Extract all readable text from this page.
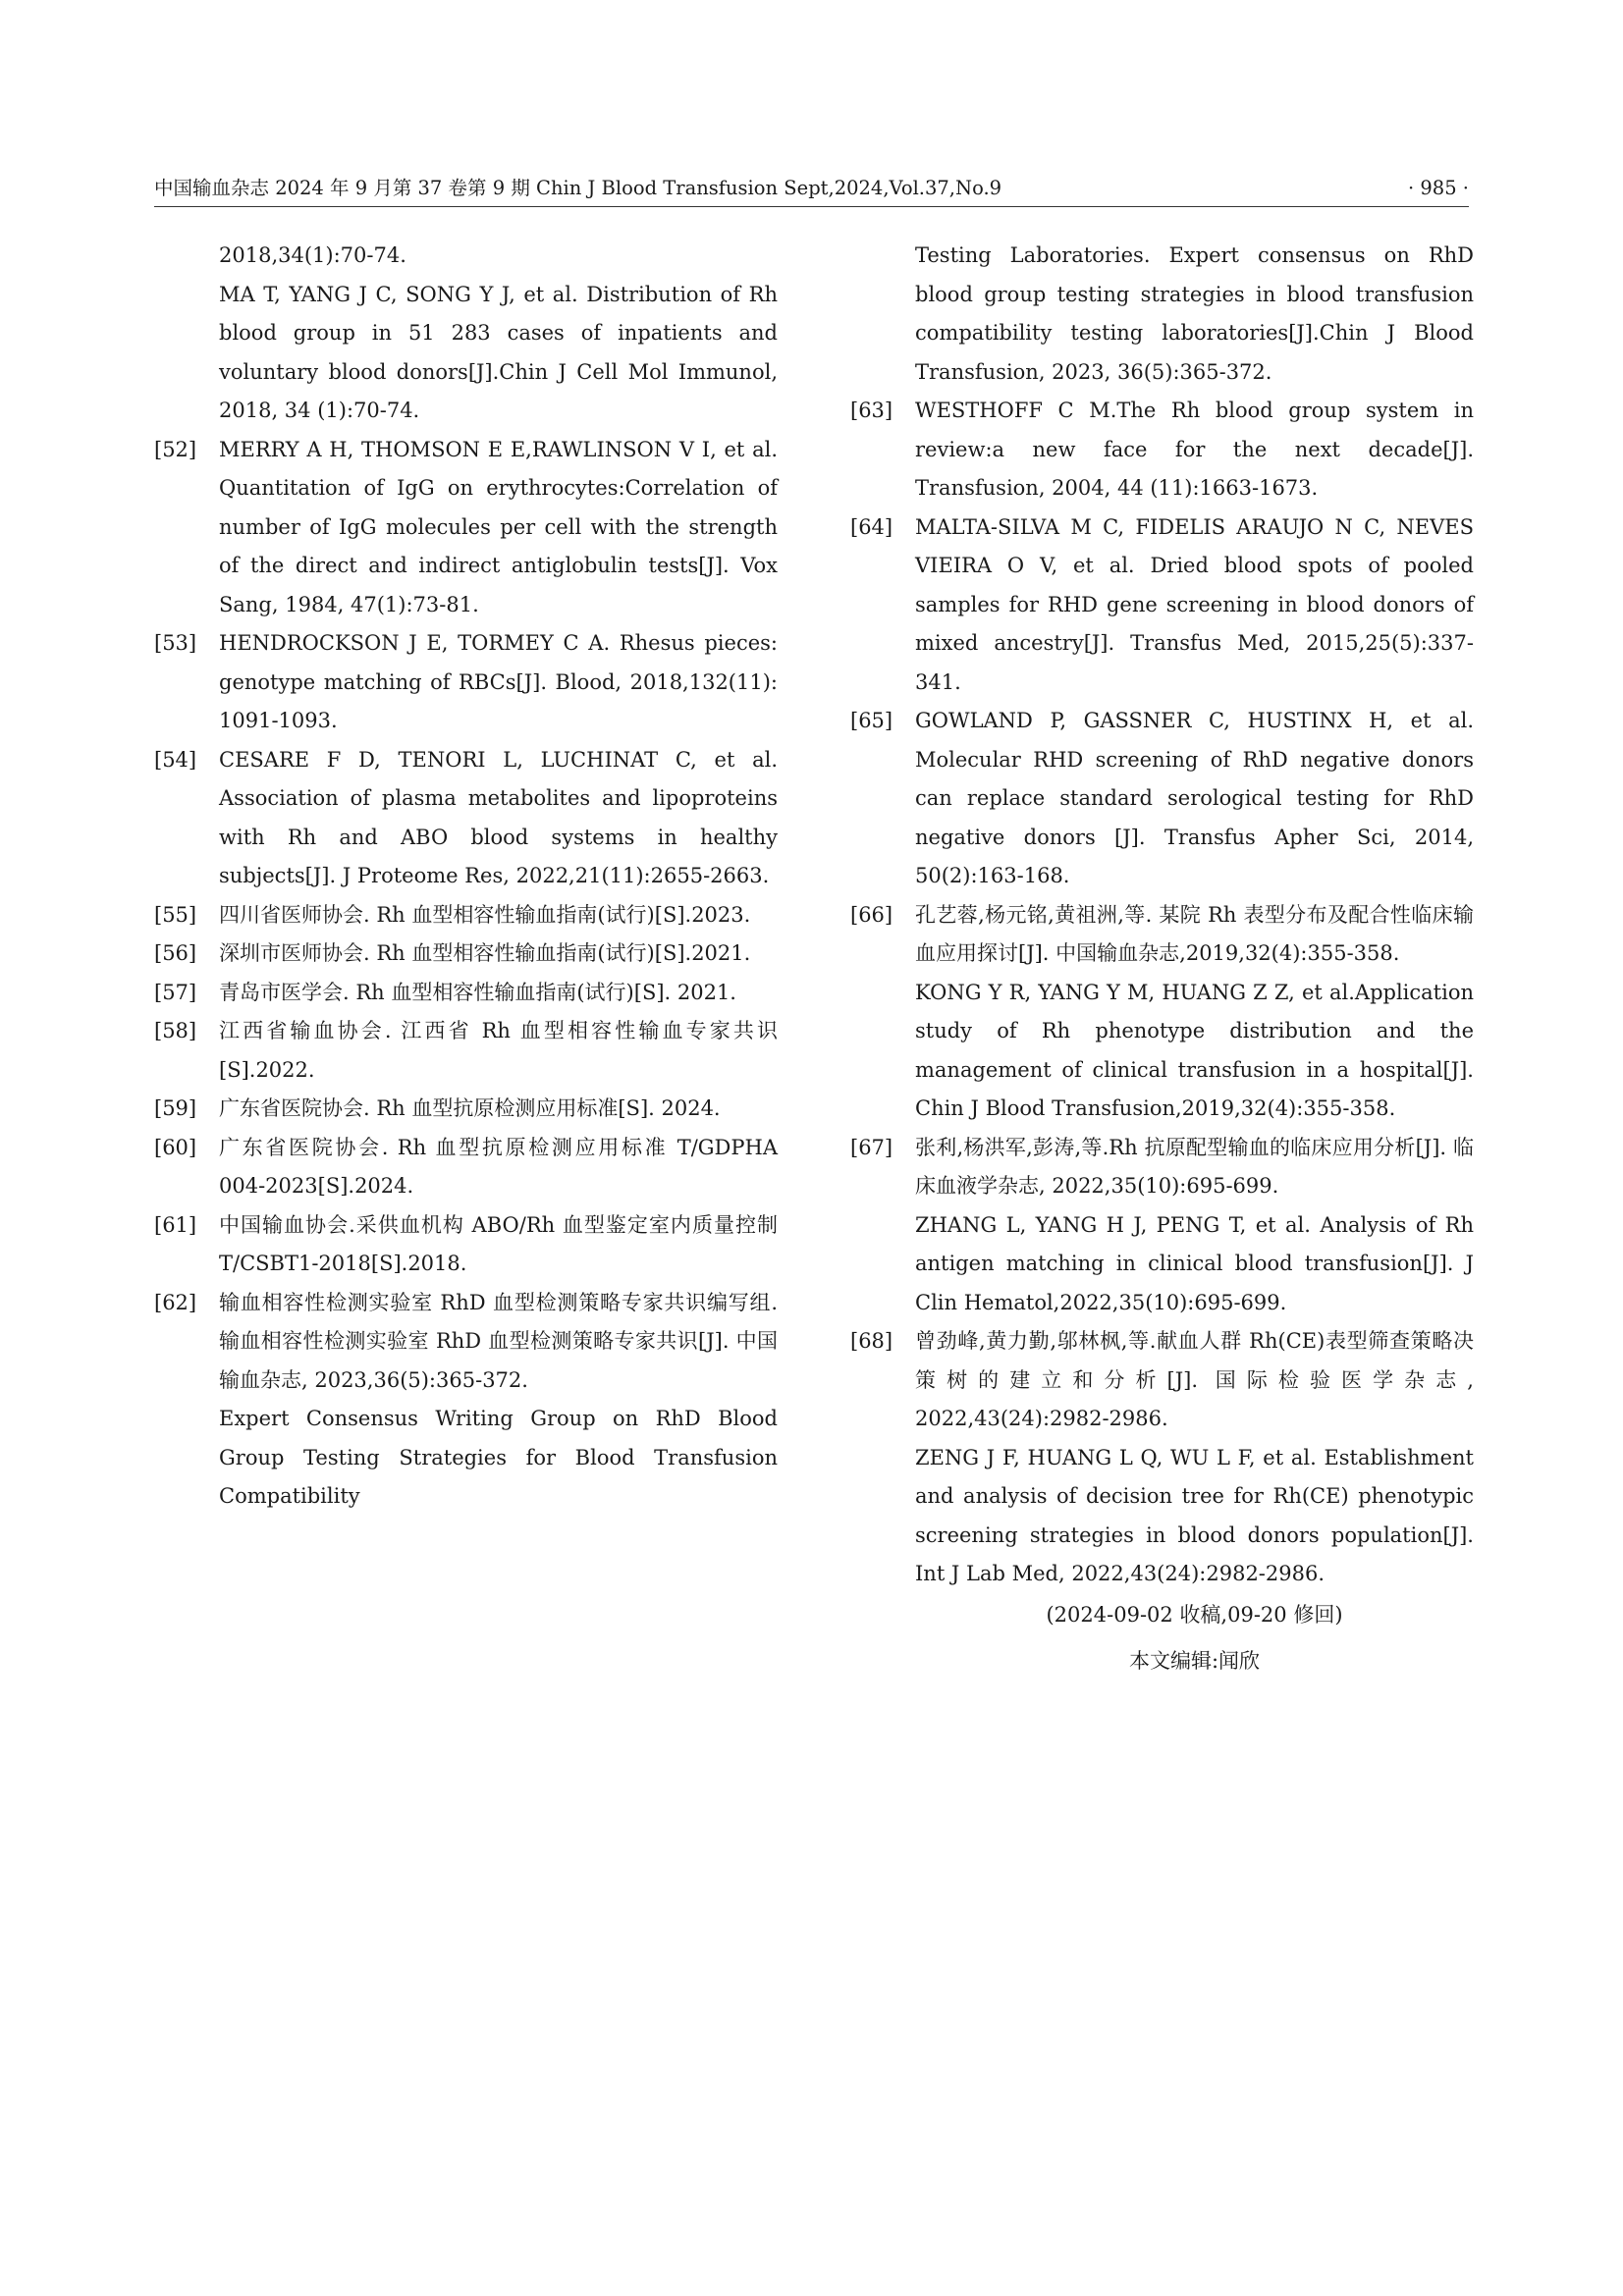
中国输血杂志 2024 年 9 月第 37 卷第 9 期 Chin J Blood Transfusion Sept,2024,Vol.37,No.9	· 985 ·
2018,34(1):70-74.
MA T, YANG J C, SONG Y J, et al. Distribution of Rh blood group in 51 283 cases of inpatients and voluntary blood donors[J].Chin J Cell Mol Immunol, 2018, 34 (1):70-74.
[52]	MERRY A H, THOMSON E E,RAWLINSON V I, et al. Quantitation of IgG on erythrocytes:Correlation of number of IgG molecules per cell with the strength of the direct and indirect antiglobulin tests[J]. Vox Sang, 1984, 47(1):73-81.
[53]	HENDROCKSON J E, TORMEY C A. Rhesus pieces: genotype matching of RBCs[J]. Blood, 2018,132(11): 1091-1093.
[54]	CESARE F D, TENORI L, LUCHINAT C, et al. Association of plasma metabolites and lipoproteins with Rh and ABO blood systems in healthy subjects[J]. J Proteome Res, 2022,21(11):2655-2663.
[55]	四川省医师协会. Rh 血型相容性输血指南(试行)[S].2023.
[56]	深圳市医师协会. Rh 血型相容性输血指南(试行)[S].2021.
[57]	青岛市医学会. Rh 血型相容性输血指南(试行)[S]. 2021.
[58]	江西省输血协会. 江西省 Rh 血型相容性输血专家共识[S].2022.
[59]	广东省医院协会. Rh 血型抗原检测应用标准[S]. 2024.
[60]	广东省医院协会. Rh 血型抗原检测应用标准 T/GDPHA 004-2023[S].2024.
[61]	中国输血协会.采供血机构 ABO/Rh 血型鉴定室内质量控制 T/CSBT1-2018[S].2018.
[62]	输血相容性检测实验室 RhD 血型检测策略专家共识编写组.输血相容性检测实验室 RhD 血型检测策略专家共识[J]. 中国输血杂志, 2023,36(5):365-372.
Expert Consensus Writing Group on RhD Blood Group Testing Strategies for Blood Transfusion Compatibility
Testing Laboratories. Expert consensus on RhD blood group testing strategies in blood transfusion compatibility testing laboratories[J].Chin J Blood Transfusion, 2023, 36(5):365-372.
[63]	WESTHOFF C M.The Rh blood group system in review:a new face for the next decade[J]. Transfusion, 2004, 44 (11):1663-1673.
[64]	MALTA-SILVA M C, FIDELIS ARAUJO N C, NEVES VIEIRA O V, et al. Dried blood spots of pooled samples for RHD gene screening in blood donors of mixed ancestry[J]. Transfus Med, 2015,25(5):337-341.
[65]	GOWLAND P, GASSNER C, HUSTINX H, et al. Molecular RHD screening of RhD negative donors can replace standard serological testing for RhD negative donors [J]. Transfus Apher Sci, 2014, 50(2):163-168.
[66]	孔艺蓉,杨元铭,黄祖洲,等. 某院 Rh 表型分布及配合性临床输血应用探讨[J]. 中国输血杂志,2019,32(4):355-358.
KONG Y R, YANG Y M, HUANG Z Z, et al.Application study of Rh phenotype distribution and the management of clinical transfusion in a hospital[J]. Chin J Blood Transfusion,2019,32(4):355-358.
[67]	张利,杨洪军,彭涛,等.Rh 抗原配型输血的临床应用分析[J]. 临床血液学杂志, 2022,35(10):695-699.
ZHANG L, YANG H J, PENG T, et al. Analysis of Rh antigen matching in clinical blood transfusion[J]. J Clin Hematol,2022,35(10):695-699.
[68]	曾劲峰,黄力勤,邬林枫,等.献血人群 Rh(CE)表型筛查策略决策树的建立和分析[J]. 国际检验医学杂志, 2022,43(24):2982-2986.
ZENG J F, HUANG L Q, WU L F, et al. Establishment and analysis of decision tree for Rh(CE) phenotypic screening strategies in blood donors population[J]. Int J Lab Med, 2022,43(24):2982-2986.
(2024-09-02 收稿,09-20 修回)
本文编辑:闻欣
